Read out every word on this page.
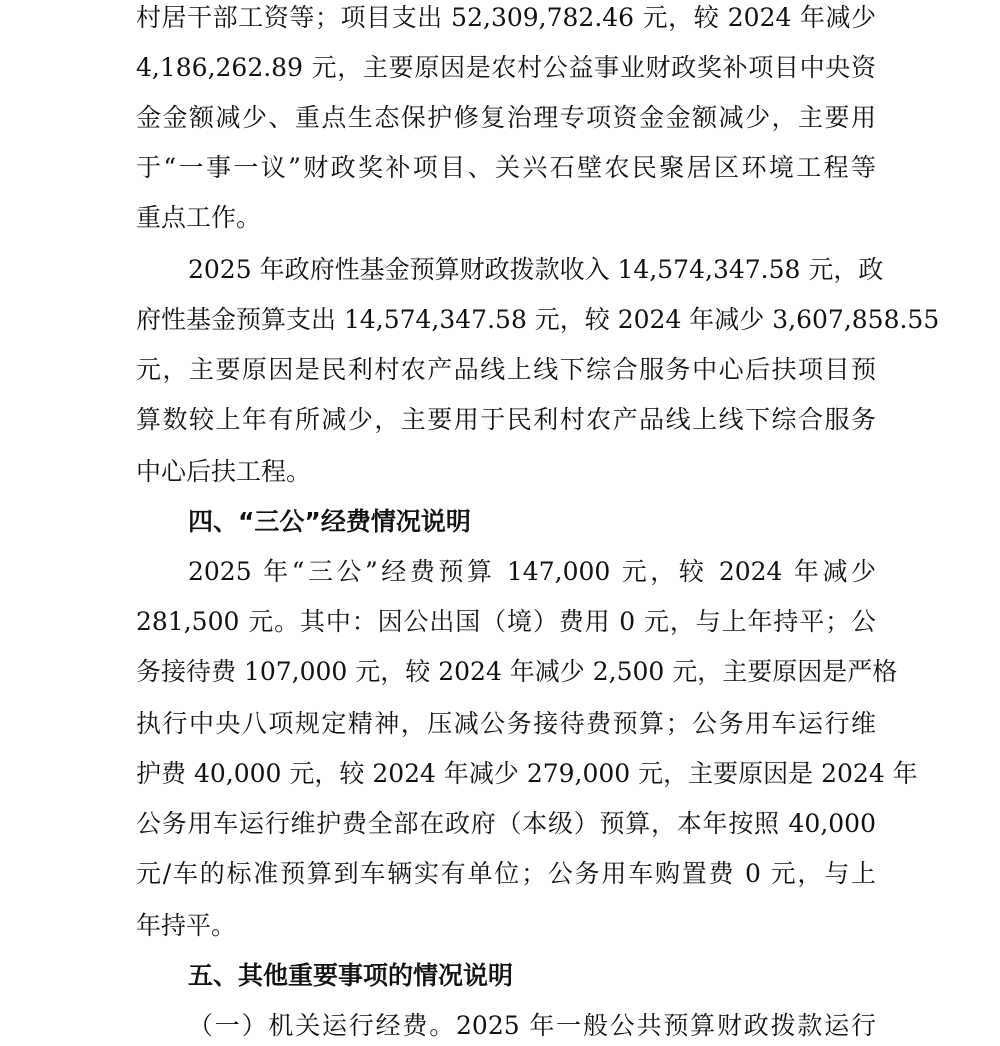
村居干部工资等；项目支出 52,309,782.46 元，较 2024 年减少
4,186,262.89 元，主要原因是农村公益事业财政奖补项目中央资
金金额减少、重点生态保护修复治理专项资金金额减少，主要用
于“一事一议”财政奖补项目、关兴石壁农民聚居区环境工程等
重点工作。
2025 年政府性基金预算财政拨款收入 14,574,347.58 元，政
府性基金预算支出 14,574,347.58 元，较 2024 年减少 3,607,858.55
元，主要原因是民利村农产品线上线下综合服务中心后扶项目预
算数较上年有所减少，主要用于民利村农产品线上线下综合服务
中心后扶工程。
四、“三公”经费情况说明
2025 年“三公”经费预算 147,000 元，较 2024 年减少
281,500 元。其中：因公出国（境）费用 0 元，与上年持平；公
务接待费 107,000 元，较 2024 年减少 2,500 元，主要原因是严格
执行中央八项规定精神，压减公务接待费预算；公务用车运行维
护费 40,000 元，较 2024 年减少 279,000 元，主要原因是 2024 年
公务用车运行维护费全部在政府（本级）预算，本年按照 40,000
元/车的标准预算到车辆实有单位；公务用车购置费 0 元，与上
年持平。
五、其他重要事项的情况说明
（一）机关运行经费。2025 年一般公共预算财政拨款运行
